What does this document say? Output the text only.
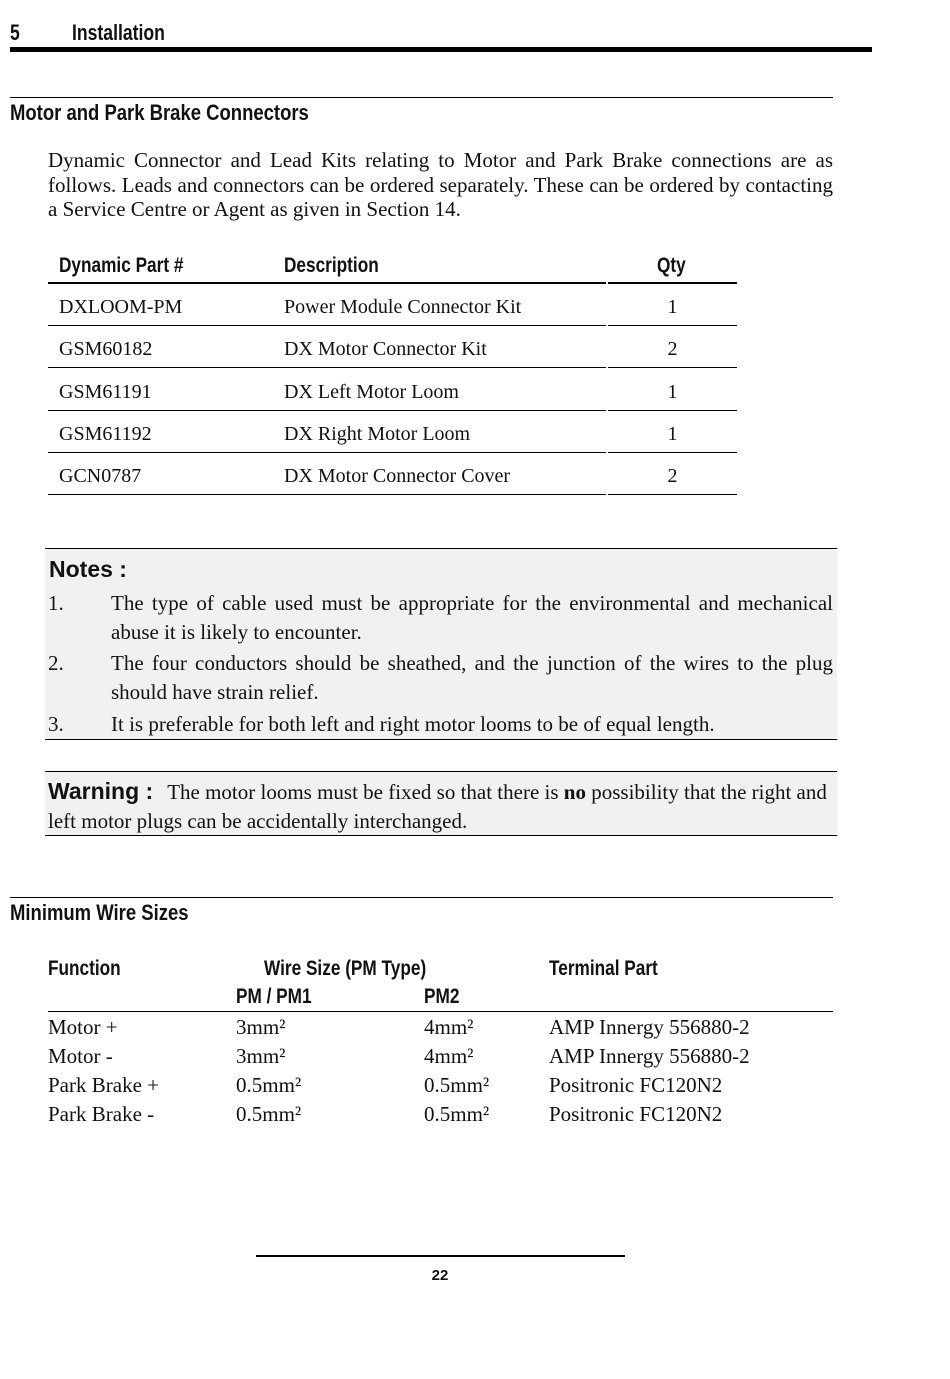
5 Installation
Motor and Park Brake Connectors

Dynamic Connector and Lead Kits relating to Motor and Park Brake connections are as follows. Leads and connectors can be ordered separately. These can be ordered by contacting a Service Centre or Agent as given in Section 14.

Dynamic Part #	Description	Qty
DXLOOM-PM	Power Module Connector Kit	1
GSM60182	DX Motor Connector Kit	2
GSM61191	DX Left Motor Loom	1
GSM61192	DX Right Motor Loom	1
GCN0787	DX Motor Connector Cover	2
Notes :
1. The type of cable used must be appropriate for the environmental and mechanical abuse it is likely to encounter.
2. The four conductors should be sheathed, and the junction of the wires to the plug should have strain relief.
3. It is preferable for both left and right motor looms to be of equal length.
Warning : The motor looms must be fixed so that there is no possibility that the right and left motor plugs can be accidentally interchanged.
Minimum Wire Sizes
Function	Wire Size (PM Type)	Terminal Part
PM / PM1	PM2
Motor +	3mm²	4mm²	AMP Innergy 556880-2
Motor -	3mm²	4mm²	AMP Innergy 556880-2
Park Brake +	0.5mm²	0.5mm²	Positronic FC120N2
Park Brake -	0.5mm²	0.5mm²	Positronic FC120N2
22
